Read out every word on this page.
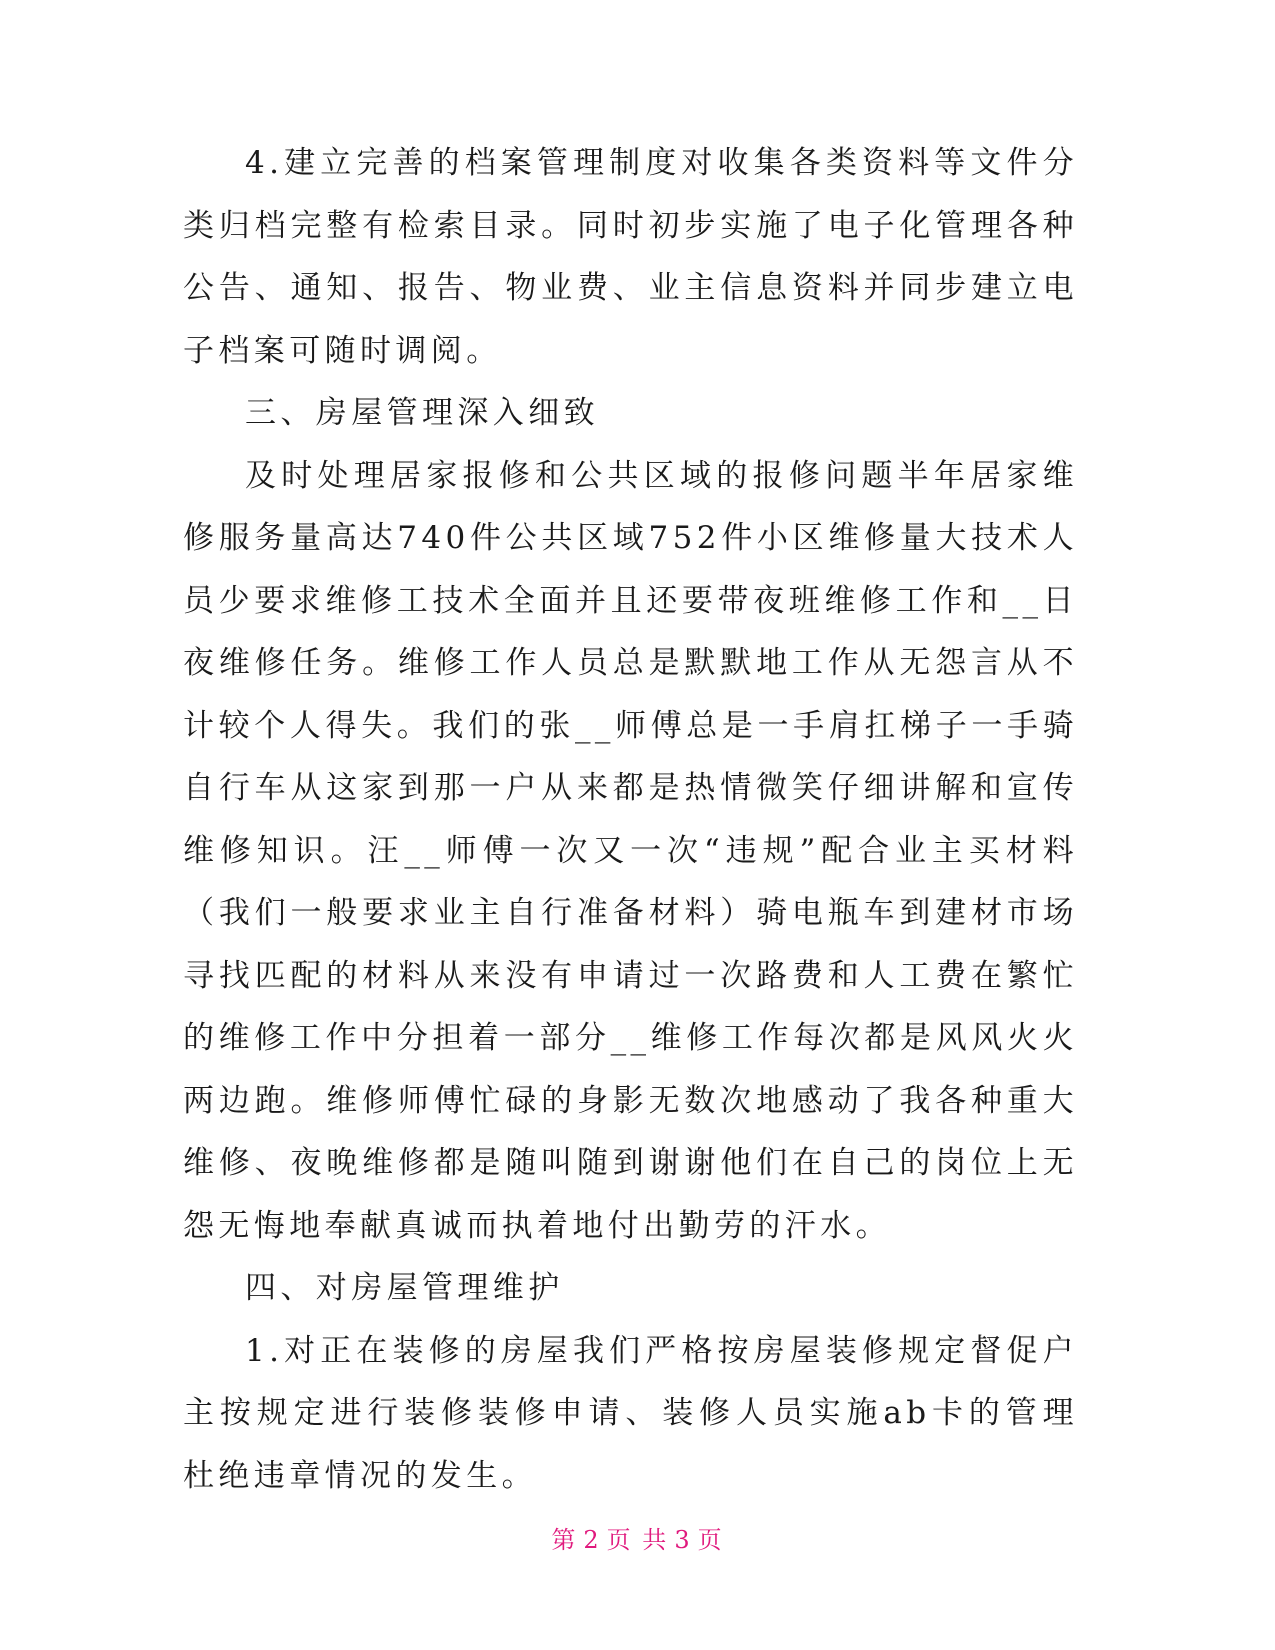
4.建立完善的档案管理制度对收集各类资料等文件分类归档完整有检索目录。同时初步实施了电子化管理各种公告、通知、报告、物业费、业主信息资料并同步建立电子档案可随时调阅。

三、房屋管理深入细致

及时处理居家报修和公共区域的报修问题半年居家维修服务量高达740件公共区域752件小区维修量大技术人员少要求维修工技术全面并且还要带夜班维修工作和__日夜维修任务。维修工作人员总是默默地工作从无怨言从不计较个人得失。我们的张__师傅总是一手肩扛梯子一手骑自行车从这家到那一户从来都是热情微笑仔细讲解和宣传维修知识。汪__师傅一次又一次“违规”配合业主买材料（我们一般要求业主自行准备材料）骑电瓶车到建材市场寻找匹配的材料从来没有申请过一次路费和人工费在繁忙的维修工作中分担着一部分__维修工作每次都是风风火火两边跑。维修师傅忙碌的身影无数次地感动了我各种重大维修、夜晚维修都是随叫随到谢谢他们在自己的岗位上无怨无悔地奉献真诚而执着地付出勤劳的汗水。

四、对房屋管理维护

1.对正在装修的房屋我们严格按房屋装修规定督促户主按规定进行装修装修申请、装修人员实施ab卡的管理杜绝违章情况的发生。

第 2 页 共 3 页
